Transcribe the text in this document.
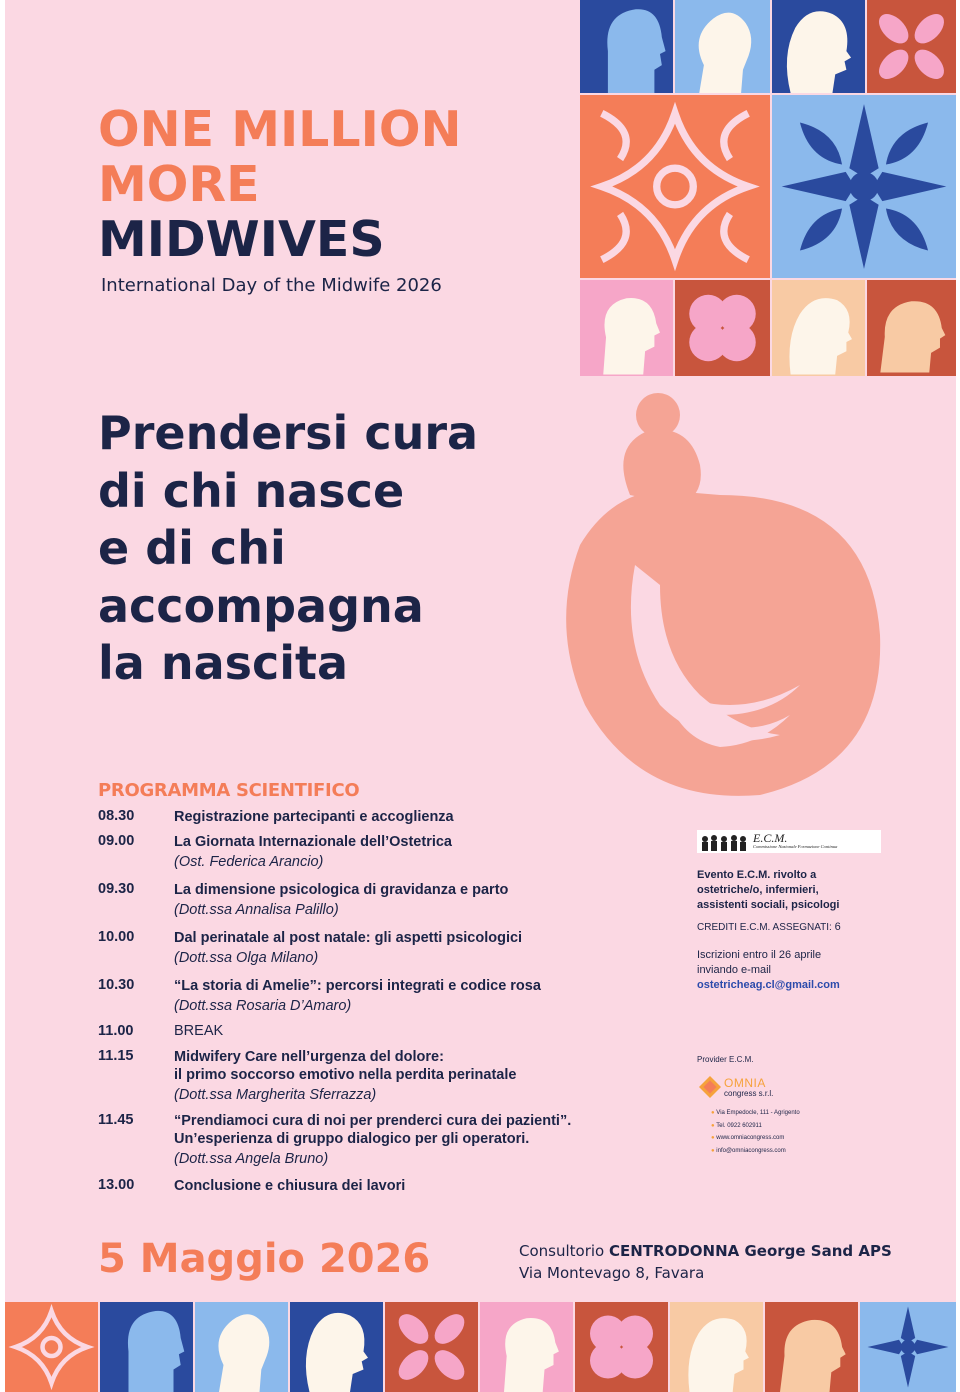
ONE MILLION
MORE
MIDWIVES
International Day of the Midwife 2026
Prendersi cura
di chi nasce
e di chi
accompagna
la nascita
PROGRAMMA SCIENTIFICO
08.30	Registrazione partecipanti e accoglienza
09.00	La Giornata Internazionale dell’Ostetrica
(Ost. Federica Arancio)
09.30	La dimensione psicologica di gravidanza e parto
(Dott.ssa Annalisa Palillo)
10.00	Dal perinatale al post natale: gli aspetti psicologici
(Dott.ssa Olga Milano)
10.30	“La storia di Amelie”: percorsi integrati e codice rosa
(Dott.ssa Rosaria D’Amaro)
11.00	BREAK
11.15	Midwifery Care nell’urgenza del dolore:
il primo soccorso emotivo nella perdita perinatale
(Dott.ssa Margherita Sferrazza)
11.45	“Prendiamoci cura di noi per prenderci cura dei pazienti”.
Un’esperienza di gruppo dialogico per gli operatori.
(Dott.ssa Angela Bruno)
13.00	Conclusione e chiusura dei lavori
E.C.M.
Commissione Nazionale Formazione Continua
Evento E.C.M. rivolto a
ostetriche/o, infermieri,
assistenti sociali, psicologi
CREDITI E.C.M. ASSEGNATI: 6
Iscrizioni entro il 26 aprile
inviando e-mail
ostetricheag.cl@gmail.com
Provider E.C.M.
OMNIA
congress s.r.l.
● Via Empedocle, 111 - Agrigento
● Tel. 0922 602911
● www.omniacongress.com
● info@omniacongress.com
5 Maggio 2026	Consultorio CENTRODONNA George Sand APS
Via Montevago 8, Favara
